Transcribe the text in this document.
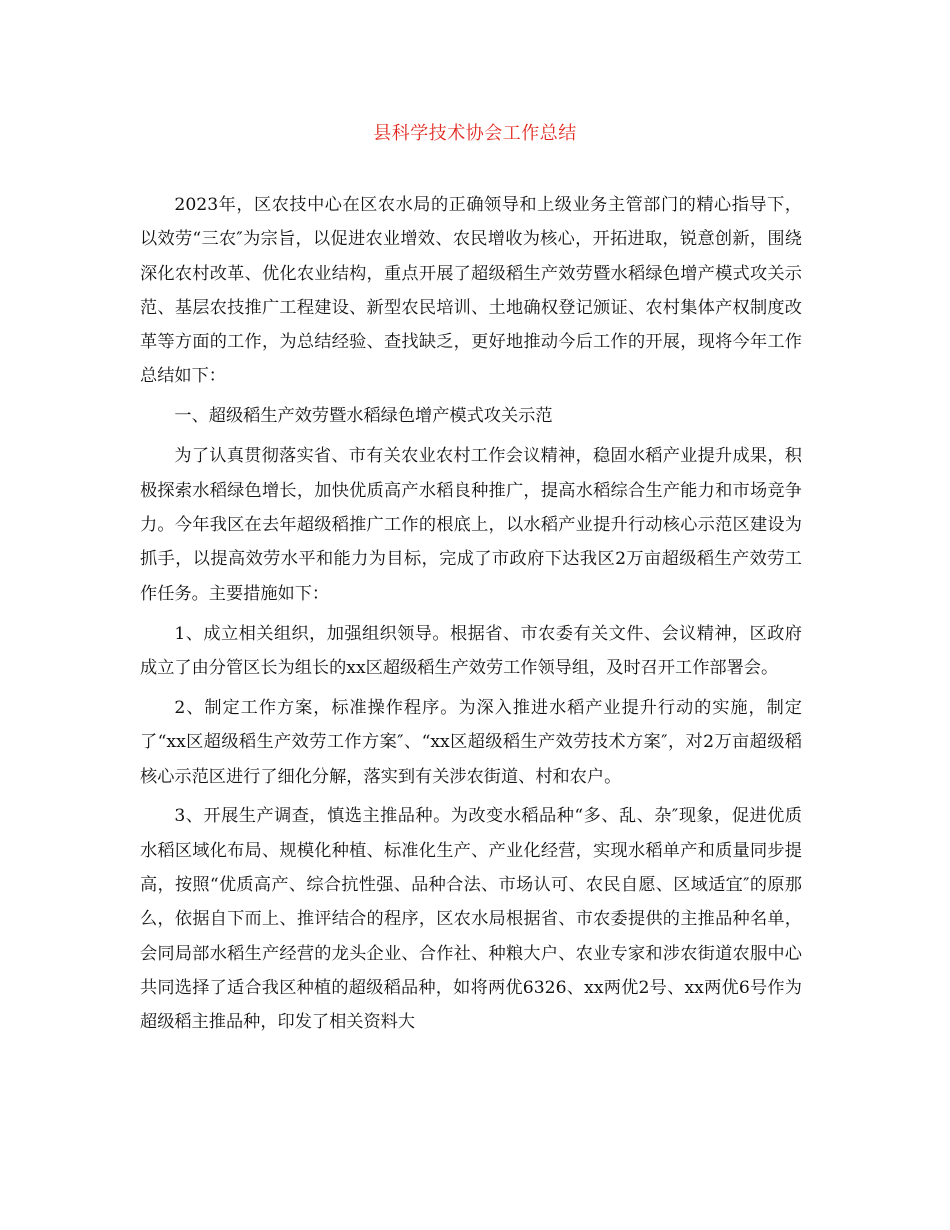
县科学技术协会工作总结

2023年，区农技中心在区农水局的正确领导和上级业务主管部门的精心指导下，以效劳“三农″为宗旨，以促进农业增效、农民增收为核心，开拓进取，锐意创新，围绕深化农村改革、优化农业结构，重点开展了超级稻生产效劳暨水稻绿色增产模式攻关示范、基层农技推广工程建设、新型农民培训、土地确权登记颁证、农村集体产权制度改革等方面的工作，为总结经验、查找缺乏，更好地推动今后工作的开展，现将今年工作总结如下：

一、超级稻生产效劳暨水稻绿色增产模式攻关示范

为了认真贯彻落实省、市有关农业农村工作会议精神，稳固水稻产业提升成果，积极探索水稻绿色增长，加快优质高产水稻良种推广，提高水稻综合生产能力和市场竞争力。今年我区在去年超级稻推广工作的根底上，以水稻产业提升行动核心示范区建设为抓手，以提高效劳水平和能力为目标，完成了市政府下达我区2万亩超级稻生产效劳工作任务。主要措施如下：

1、成立相关组织，加强组织领导。根据省、市农委有关文件、会议精神，区政府成立了由分管区长为组长的xx区超级稻生产效劳工作领导组，及时召开工作部署会。

2、制定工作方案，标准操作程序。为深入推进水稻产业提升行动的实施，制定了“xx区超级稻生产效劳工作方案″、“xx区超级稻生产效劳技术方案″，对2万亩超级稻核心示范区进行了细化分解，落实到有关涉农街道、村和农户。

3、开展生产调查，慎选主推品种。为改变水稻品种“多、乱、杂″现象，促进优质水稻区域化布局、规模化种植、标准化生产、产业化经营，实现水稻单产和质量同步提高，按照“优质高产、综合抗性强、品种合法、市场认可、农民自愿、区域适宜″的原那么，依据自下而上、推评结合的程序，区农水局根据省、市农委提供的主推品种名单，会同局部水稻生产经营的龙头企业、合作社、种粮大户、农业专家和涉农街道农服中心共同选择了适合我区种植的超级稻品种，如将两优6326、xx两优2号、xx两优6号作为超级稻主推品种，印发了相关资料大
